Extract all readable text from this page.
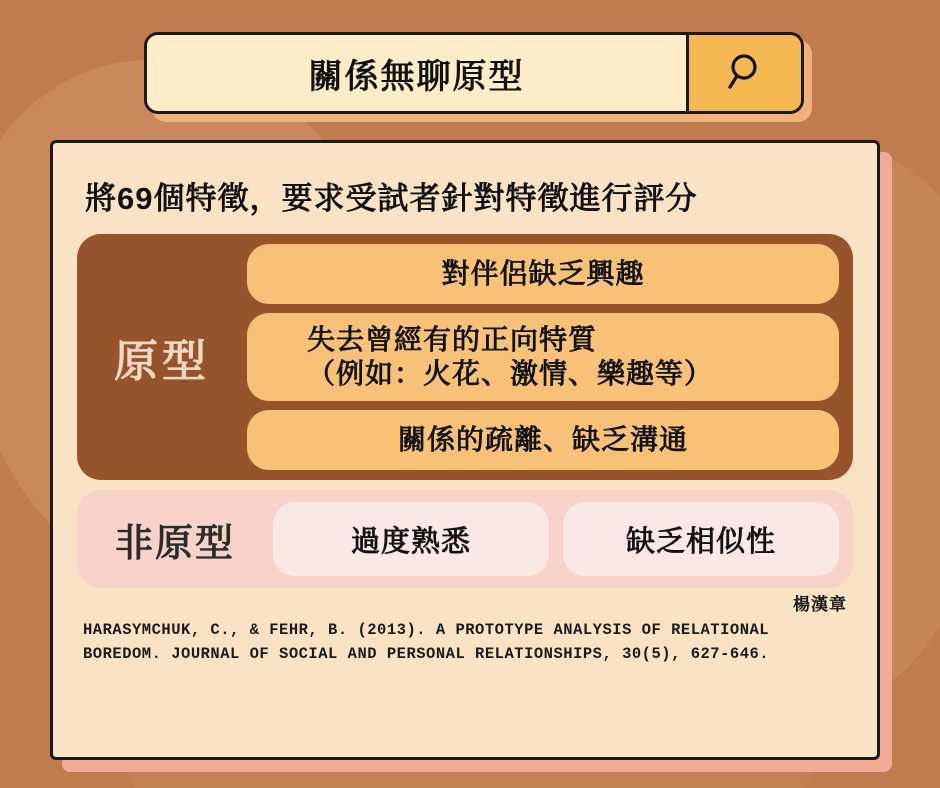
關係無聊原型
將69個特徵，要求受試者針對特徵進行評分
原型
對伴侶缺乏興趣
失去曾經有的正向特質
（例如：火花、激情、樂趣等）
關係的疏離、缺乏溝通
非原型	過度熟悉	缺乏相似性
楊漢章
HARASYMCHUK, C., & FEHR, B. (2013). A PROTOTYPE ANALYSIS OF RELATIONAL
BOREDOM. JOURNAL OF SOCIAL AND PERSONAL RELATIONSHIPS, 30(5), 627-646.
